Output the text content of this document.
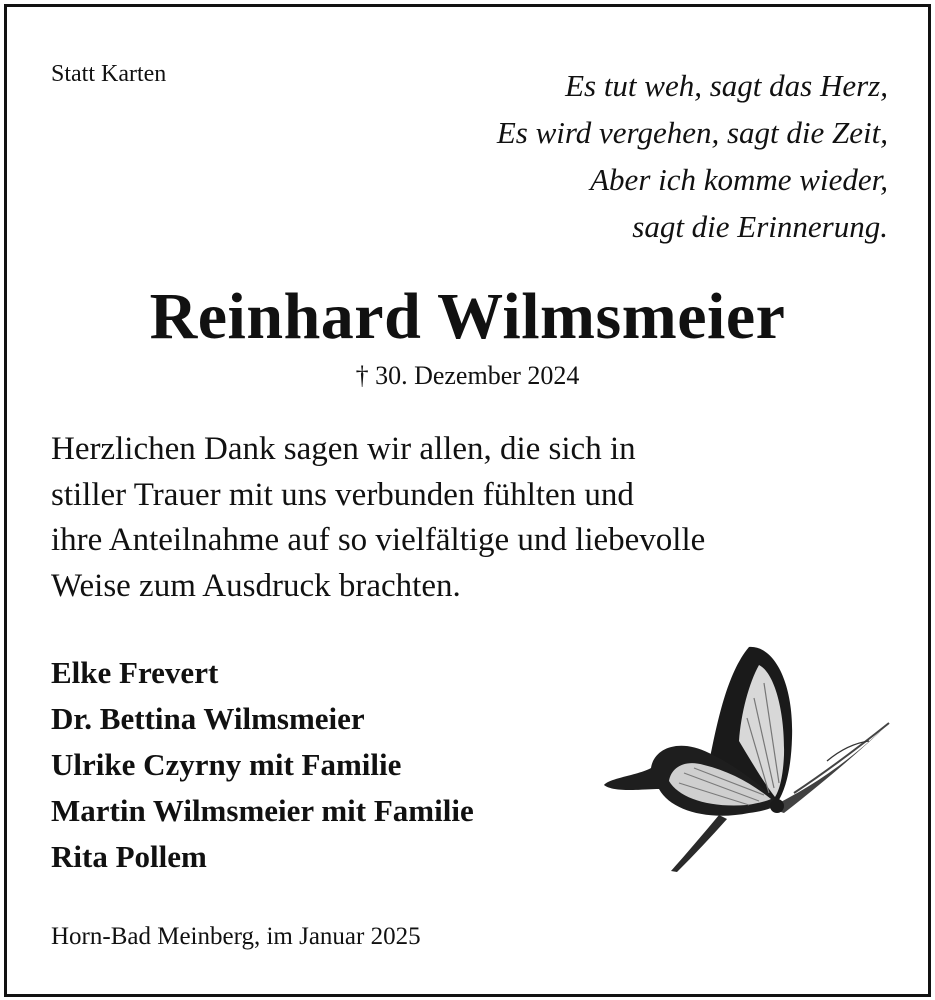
Statt Karten	Es tut weh, sagt das Herz,
Es wird vergehen, sagt die Zeit,
Aber ich komme wieder,
sagt die Erinnerung.
Reinhard Wilmsmeier
† 30. Dezember 2024
Herzlichen Dank sagen wir allen, die sich in
stiller Trauer mit uns verbunden fühlten und
ihre Anteilnahme auf so vielfältige und liebevolle
Weise zum Ausdruck brachten.
Elke Frevert
Dr. Bettina Wilmsmeier
Ulrike Czyrny mit Familie
Martin Wilmsmeier mit Familie
Rita Pollem
Horn-Bad Meinberg, im Januar 2025
